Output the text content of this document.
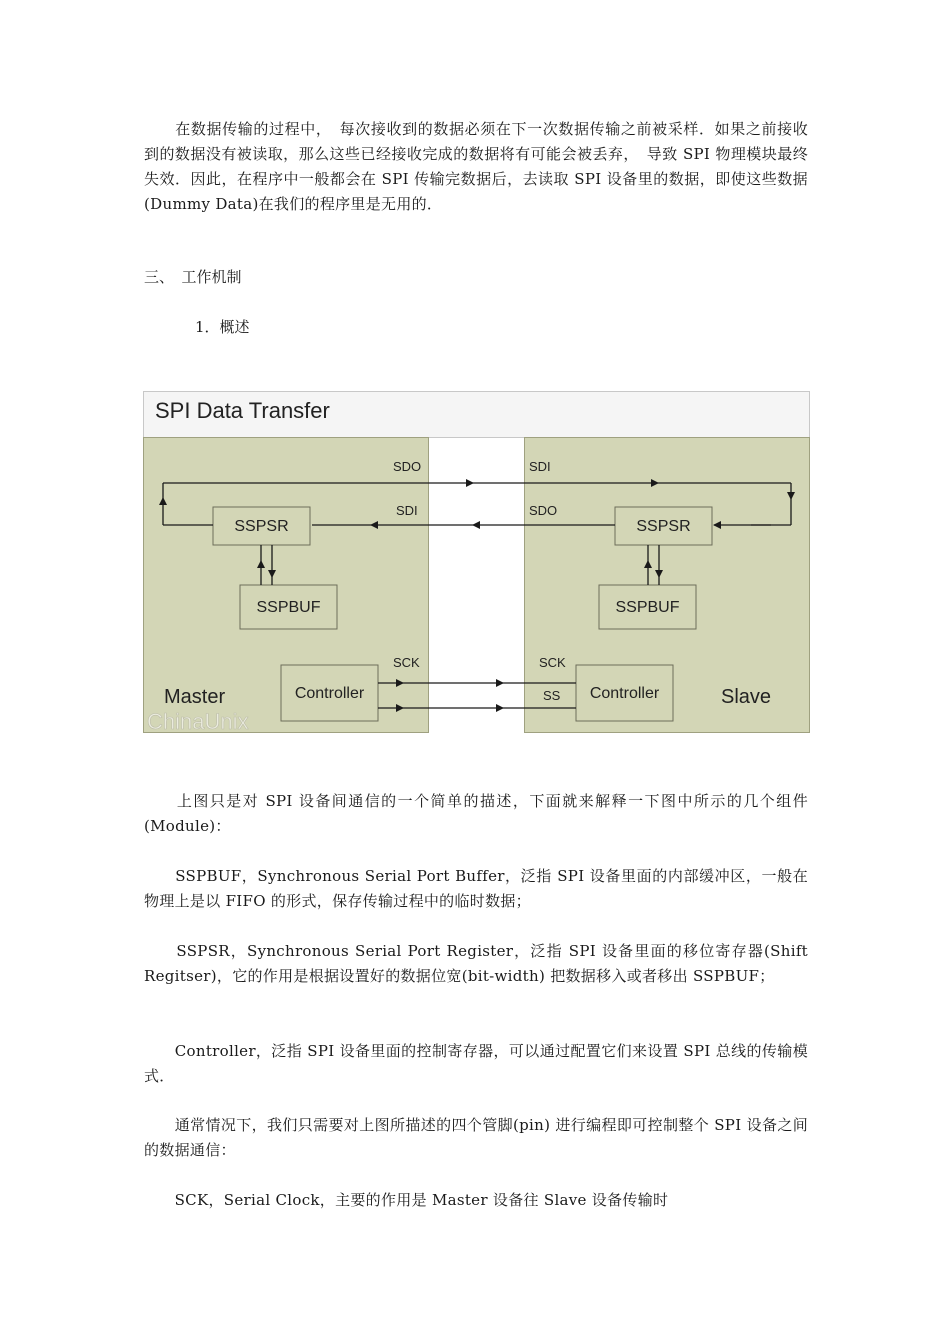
　　在数据传输的过程中，　每次接收到的数据必须在下一次数据传输之前被采样．如果之前接收到的数据没有被读取，那么这些已经接收完成的数据将有可能会被丢弃，　导致 SPI 物理模块最终失效．因此，在程序中一般都会在 SPI 传输完数据后，去读取 SPI 设备里的数据，即使这些数据(Dummy Data)在我们的程序里是无用的．
三、　工作机制
1．概述
SPI Data Transfer
ChinaUnix
SSPSR
SSPBUF
Controller
SSPSR
SSPBUF
Controller
Master	Slave
SDO
SDI
SCK
SDI
SDO
SCK
SS
　　上图只是对 SPI 设备间通信的一个简单的描述，下面就来解释一下图中所示的几个组件(Module)：
　　SSPBUF，Synchronous Serial Port Buffer，泛指 SPI 设备里面的内部缓冲区，一般在物理上是以 FIFO 的形式，保存传输过程中的临时数据；
　　SSPSR，Synchronous Serial Port Register，泛指 SPI 设备里面的移位寄存器(Shift Regitser)，它的作用是根据设置好的数据位宽(bit-width) 把数据移入或者移出 SSPBUF；
　　Controller，泛指 SPI 设备里面的控制寄存器，可以通过配置它们来设置 SPI 总线的传输模式．
　　通常情况下，我们只需要对上图所描述的四个管脚(pin) 进行编程即可控制整个 SPI 设备之间的数据通信：
　　SCK，Serial Clock，主要的作用是 Master 设备往 Slave 设备传输时
